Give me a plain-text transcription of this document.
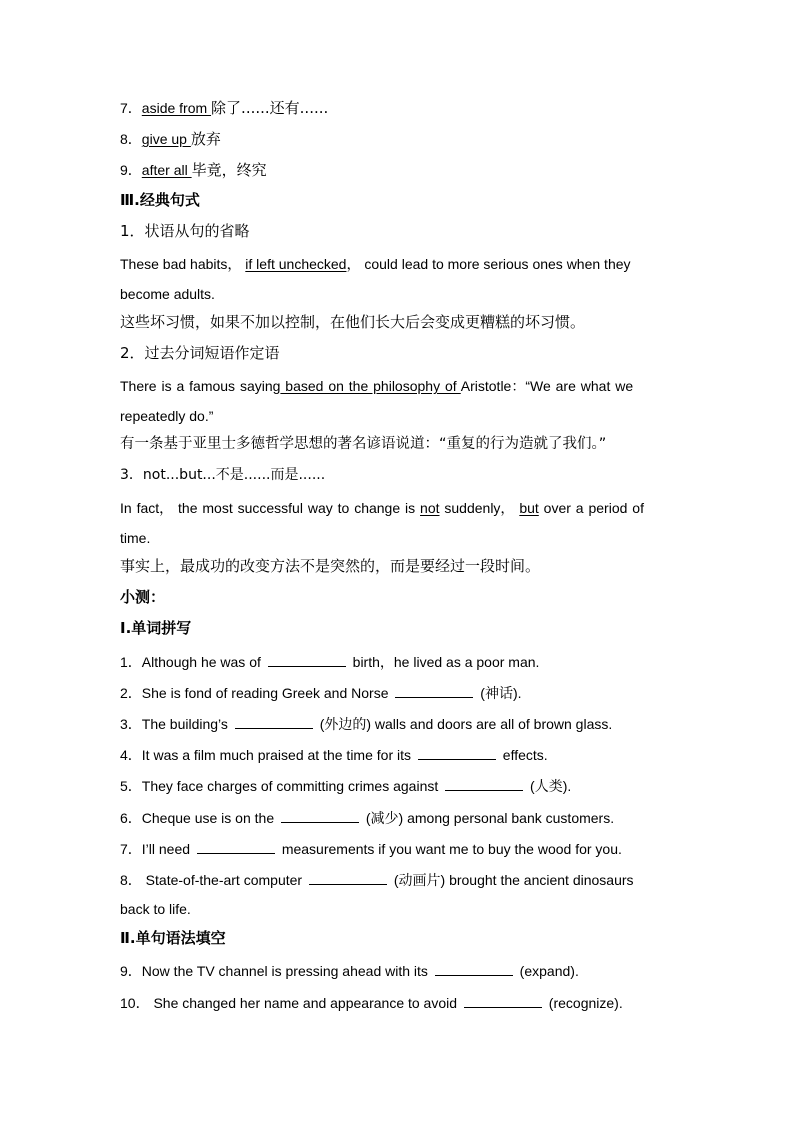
7．aside from 除了......还有......
8．give up 放弃
9．after all 毕竟，终究
Ⅲ.经典句式
1．状语从句的省略
These bad habits， if left unchecked， could lead to more serious ones when they
become adults.
这些坏习惯，如果不加以控制，在他们长大后会变成更糟糕的坏习惯。
2．过去分词短语作定语
There is a famous saying based on the philosophy of Aristotle：“We are what we
repeatedly do.”
有一条基于亚里士多德哲学思想的著名谚语说道：“重复的行为造就了我们。”
3．not...but...不是......而是......
In fact， the most successful way to change is not suddenly， but over a period of
time.
事实上，最成功的改变方法不是突然的，而是要经过一段时间。
小测：
Ⅰ.单词拼写
1．Although he was of	birth，he lived as a poor man.
2．She is fond of reading Greek and Norse	(神话).
3．The building’s	(外边的) walls and doors are all of brown glass.
4．It was a film much praised at the time for its	effects.
5．They face charges of committing crimes against	(人类).
6．Cheque use is on the	(减少) among personal bank customers.
7．I’ll need	measurements if you want me to buy the wood for you.
8． State-of-the-art computer	(动画片) brought the ancient dinosaurs
back to life.
Ⅱ.单句语法填空
9．Now the TV channel is pressing ahead with its	(expand).
10． She changed her name and appearance to avoid	(recognize).
